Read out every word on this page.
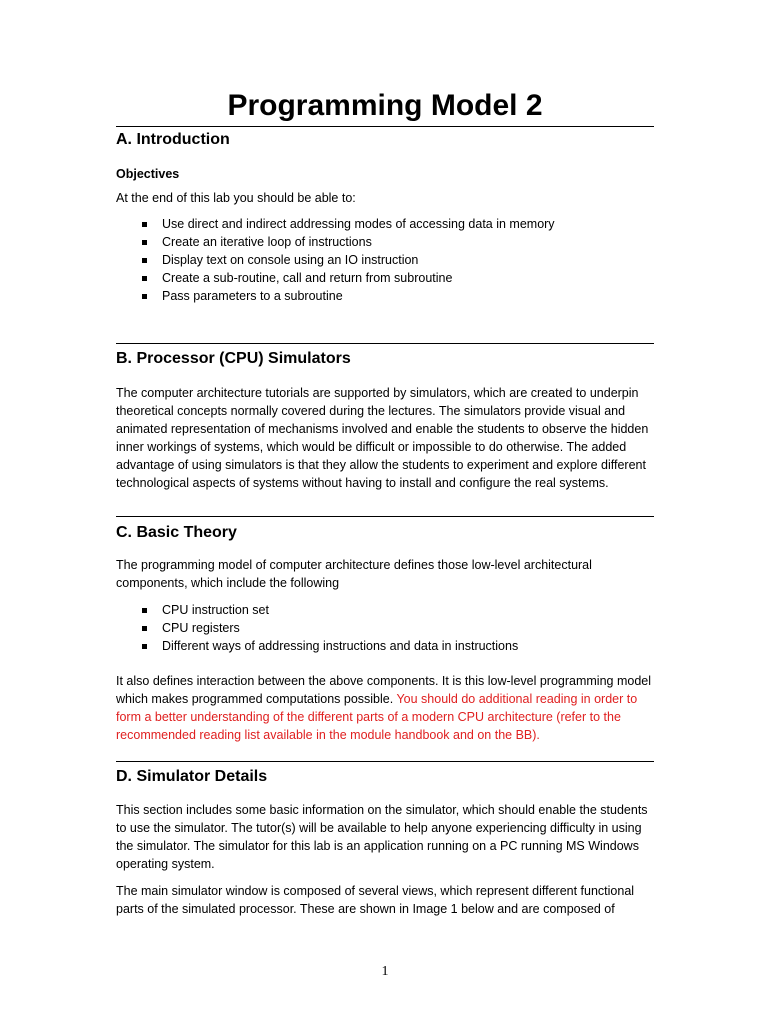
Programming Model 2
A. Introduction

Objectives

At the end of this lab you should be able to:

Use direct and indirect addressing modes of accessing data in memory
Create an iterative loop of instructions
Display text on console using an IO instruction
Create a sub-routine, call and return from subroutine
Pass parameters to a subroutine
B. Processor (CPU) Simulators

The computer architecture tutorials are supported by simulators, which are created to underpin theoretical concepts normally covered during the lectures. The simulators provide visual and animated representation of mechanisms involved and enable the students to observe the hidden inner workings of systems, which would be difficult or impossible to do otherwise. The added advantage of using simulators is that they allow the students to experiment and explore different technological aspects of systems without having to install and configure the real systems.

C. Basic Theory

The programming model of computer architecture defines those low-level architectural components, which include the following

CPU instruction set
CPU registers
Different ways of addressing instructions and data in instructions

It also defines interaction between the above components. It is this low-level programming model which makes programmed computations possible. You should do additional reading in order to form a better understanding of the different parts of a modern CPU architecture (refer to the recommended reading list available in the module handbook and on the BB).

D. Simulator Details

This section includes some basic information on the simulator, which should enable the students to use the simulator. The tutor(s) will be available to help anyone experiencing difficulty in using the simulator. The simulator for this lab is an application running on a PC running MS Windows operating system.

The main simulator window is composed of several views, which represent different functional parts of the simulated processor. These are shown in Image 1 below and are composed of

1
